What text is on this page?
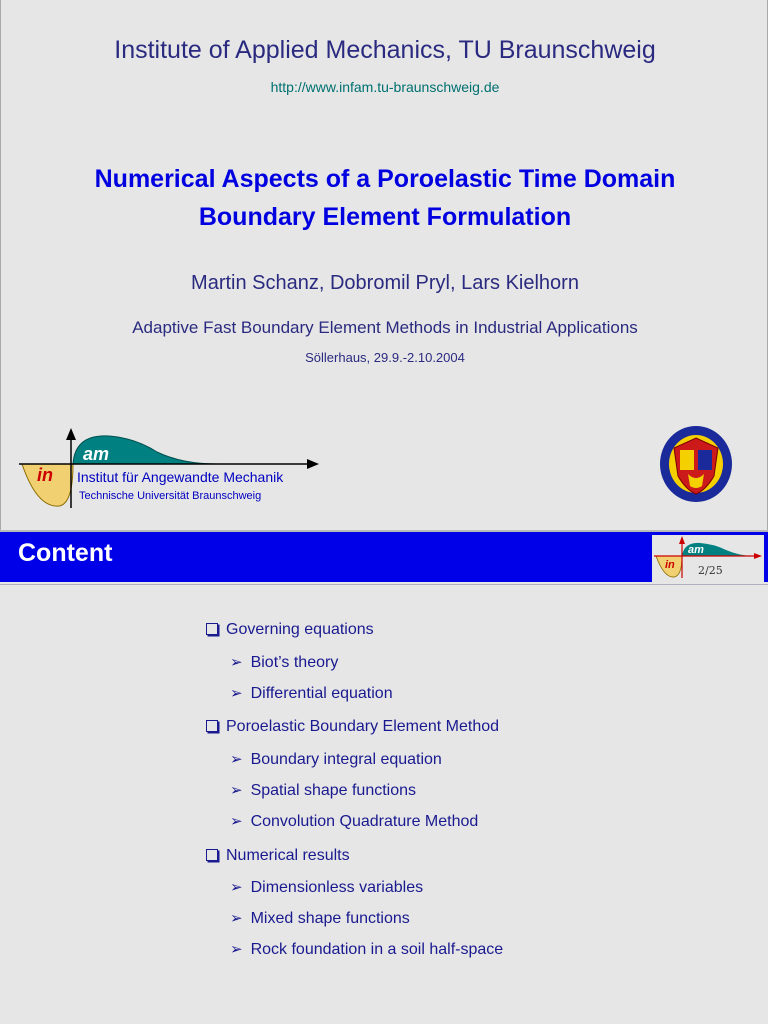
Institute of Applied Mechanics, TU Braunschweig
http://www.infam.tu-braunschweig.de
Numerical Aspects of a Poroelastic Time Domain
Boundary Element Formulation
Martin Schanz, Dobromil Pryl, Lars Kielhorn
Adaptive Fast Boundary Element Methods in Industrial Applications
Söllerhaus, 29.9.-2.10.2004
in
am
Institut für Angewandte Mechanik
Technische Universität Braunschweig
Content	in
am
2/25
Governing equations
➢ Biot’s theory
➢ Differential equation
Poroelastic Boundary Element Method
➢ Boundary integral equation
➢ Spatial shape functions
➢ Convolution Quadrature Method
Numerical results
➢ Dimensionless variables
➢ Mixed shape functions
➢ Rock foundation in a soil half-space
